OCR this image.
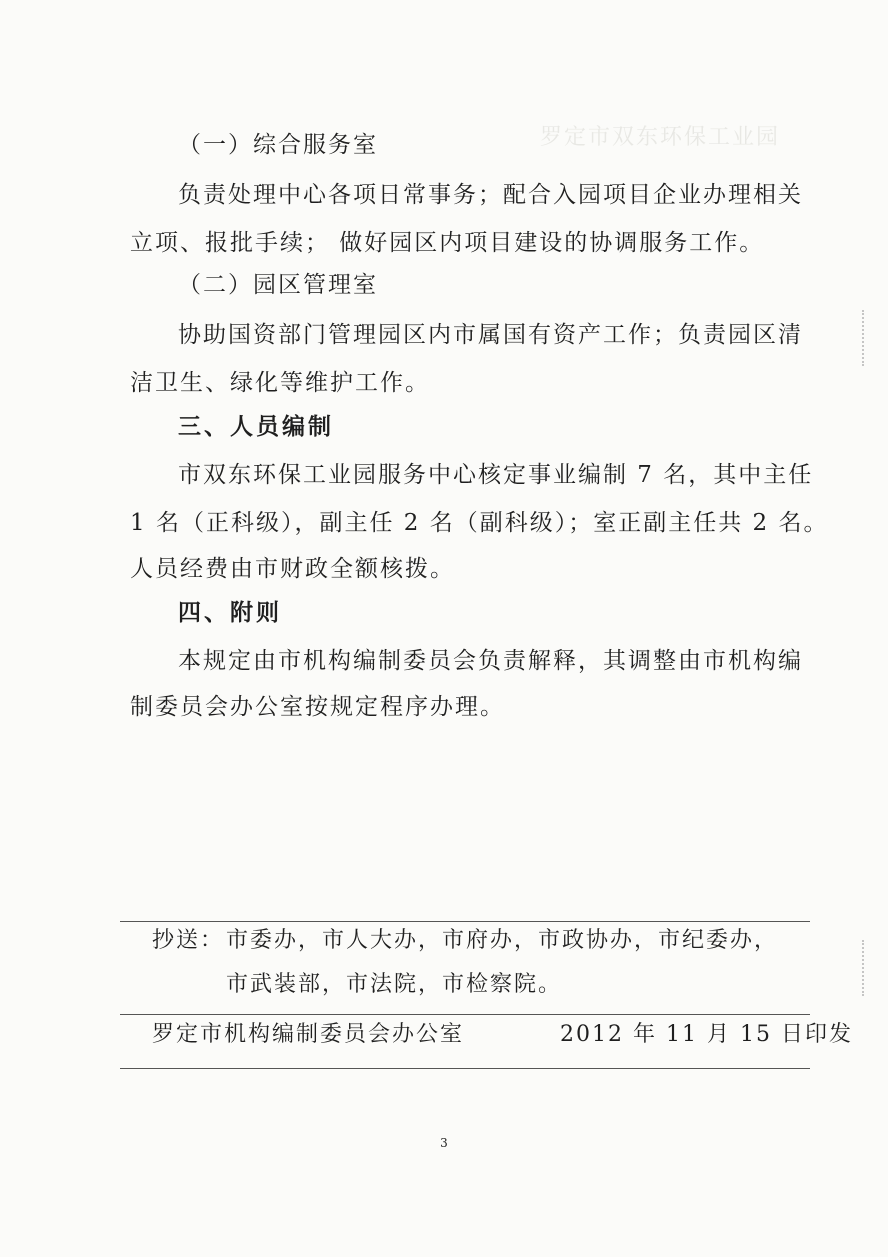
罗定市双东环保工业园
（一）综合服务室
负责处理中心各项日常事务；配合入园项目企业办理相关
立项、报批手续； 做好园区内项目建设的协调服务工作。
（二）园区管理室
协助国资部门管理园区内市属国有资产工作；负责园区清
洁卫生、绿化等维护工作。
三、人员编制
市双东环保工业园服务中心核定事业编制 7 名，其中主任
1 名（正科级），副主任 2 名（副科级）；室正副主任共 2 名。
人员经费由市财政全额核拨。
四、附则
本规定由市机构编制委员会负责解释，其调整由市机构编
制委员会办公室按规定程序办理。
抄送： 市委办，市人大办，市府办，市政协办，市纪委办，
市武装部，市法院，市检察院。
罗定市机构编制委员会办公室	2012 年 11 月 15 日印发
3
